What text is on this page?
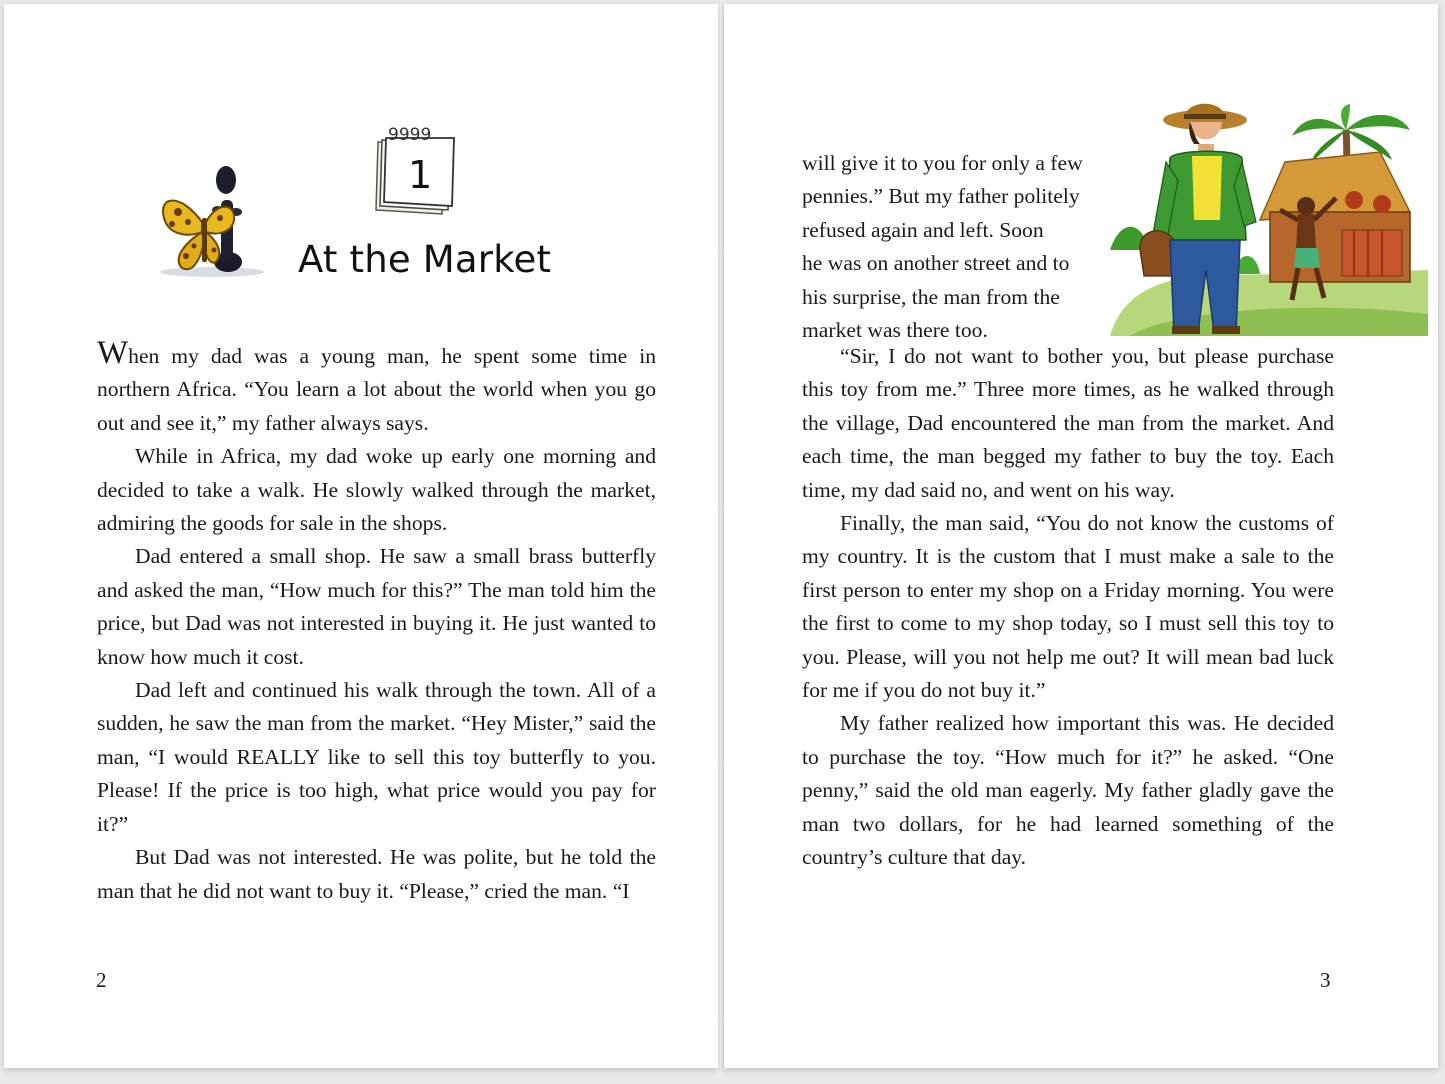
9999
1
At the Market

When my dad was a young man, he spent some time in northern Africa. “You learn a lot about the world when you go out and see it,” my father always says.

While in Africa, my dad woke up early one morning and decided to take a walk. He slowly walked through the market, admiring the goods for sale in the shops.

Dad entered a small shop. He saw a small brass butterfly and asked the man, “How much for this?” The man told him the price, but Dad was not interested in buying it. He just wanted to know how much it cost.

Dad left and continued his walk through the town. All of a sudden, he saw the man from the market. “Hey Mister,” said the man, “I would REALLY like to sell this toy butterfly to you. Please! If the price is too high, what price would you pay for it?”

But Dad was not interested. He was polite, but he told the man that he did not want to buy it. “Please,” cried the man. “I

2

will give it to you for only a few

pennies.” But my father politely

refused again and left. Soon

he was on another street and to

his surprise, the man from the

market was there too.

“Sir, I do not want to bother you, but please purchase this toy from me.” Three more times, as he walked through the village, Dad encountered the man from the market. And each time, the man begged my father to buy the toy. Each time, my dad said no, and went on his way.

Finally, the man said, “You do not know the customs of my country. It is the custom that I must make a sale to the first person to enter my shop on a Friday morning. You were the first to come to my shop today, so I must sell this toy to you. Please, will you not help me out? It will mean bad luck for me if you do not buy it.”

My father realized how important this was. He decided to purchase the toy. “How much for it?” he asked. “One penny,” said the old man eagerly. My father gladly gave the man two dollars, for he had learned something of the country’s culture that day.

3
